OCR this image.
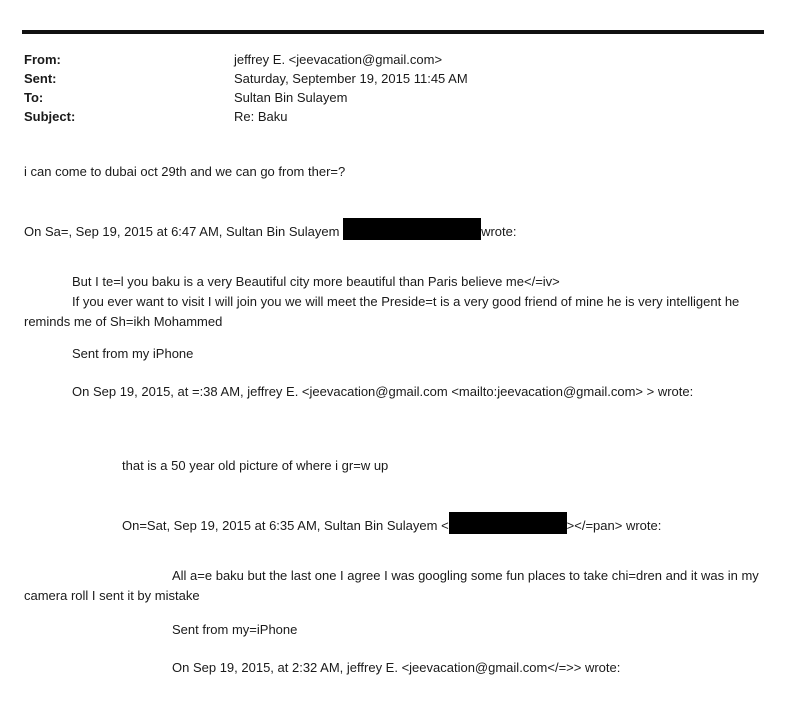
From:	jeffrey E. <jeevacation@gmail.com>
Sent:	Saturday, September 19, 2015 11:45 AM
To:	Sultan Bin Sulayem
Subject:	Re: Baku
i can come to dubai oct 29th and we can go from ther=?
On Sa=, Sep 19, 2015 at 6:47 AM, Sultan Bin Sulayem	wrote:
But I te=l you baku is a very Beautiful city more beautiful than Paris believe me</=iv>
If you ever want to visit I will join you we will meet the Preside=t is a very good friend of mine he is very intelligent he reminds me of Sh=ikh Mohammed
Sent from my iPhone
On Sep 19, 2015, at =:38 AM, jeffrey E. <jeevacation@gmail.com <mailto:jeevacation@gmail.com> > wrote:
that is a 50 year old picture of where i gr=w up
On=Sat, Sep 19, 2015 at 6:35 AM, Sultan Bin Sulayem <	></=pan> wrote:
All a=e baku but the last one I agree I was googling some fun places to take chi=dren and it was in my camera roll I sent it by mistake
Sent from my=iPhone
On Sep 19, 2015, at 2:32 AM, jeffrey E. <jeevacation@gmail.com</=>> wrote:
